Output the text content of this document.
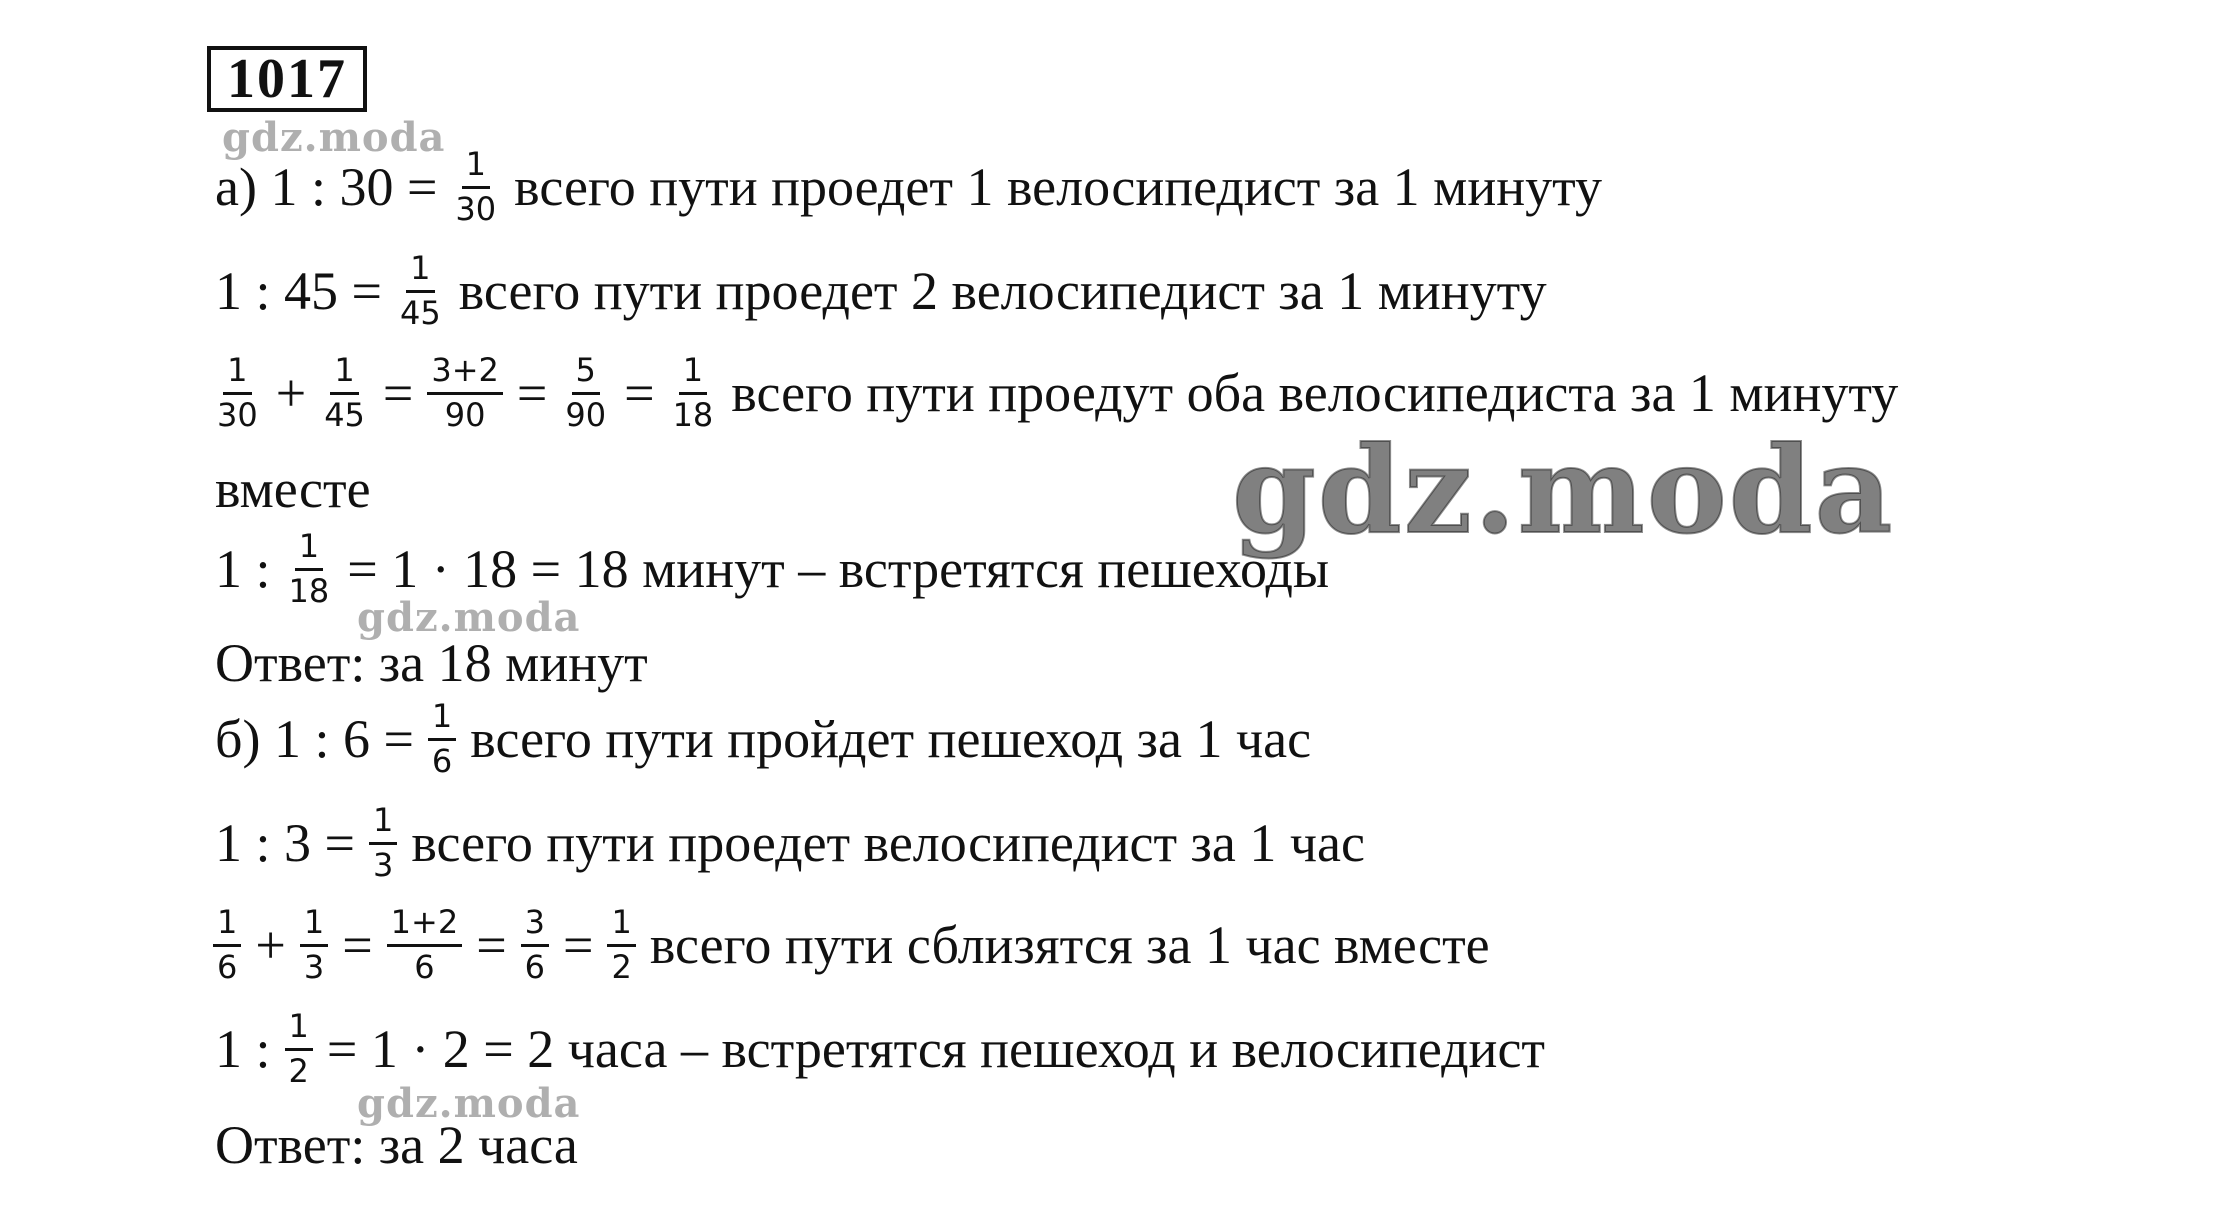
1017
gdz.moda
gdz.moda
gdz.moda
gdz.moda
а) 1 : $30 = \frac{1}{30}$ всего пути проедет 1 велосипедист за 1 минуту
1 : $45 = \frac{1}{45}$ всего пути проедет 2 велосипедист за 1 минуту
$\frac{1}{30} + \frac{1}{45} = \frac{3+2}{90} = \frac{5}{90} = \frac{1}{18}$ всего пути проедут оба велосипедиста за 1 минуту
вместе
1 : $\frac{1}{18} = 1 \cdot 18 = 18$ минут – встретятся пешеходы
Ответ: за 18 минут
б) 1 : $6 = \frac{1}{6}$ всего пути пройдет пешеход за 1 час
1 : $3 = \frac{1}{3}$ всего пути проедет велосипедист за 1 час
$\frac{1}{6} + \frac{1}{3} = \frac{1+2}{6} = \frac{3}{6} = \frac{1}{2}$ всего пути сблизятся за 1 час вместе
1 : $\frac{1}{2} = 1 \cdot 2 = 2$ часа – встретятся пешеход и велосипедист
Ответ: за 2 часа
